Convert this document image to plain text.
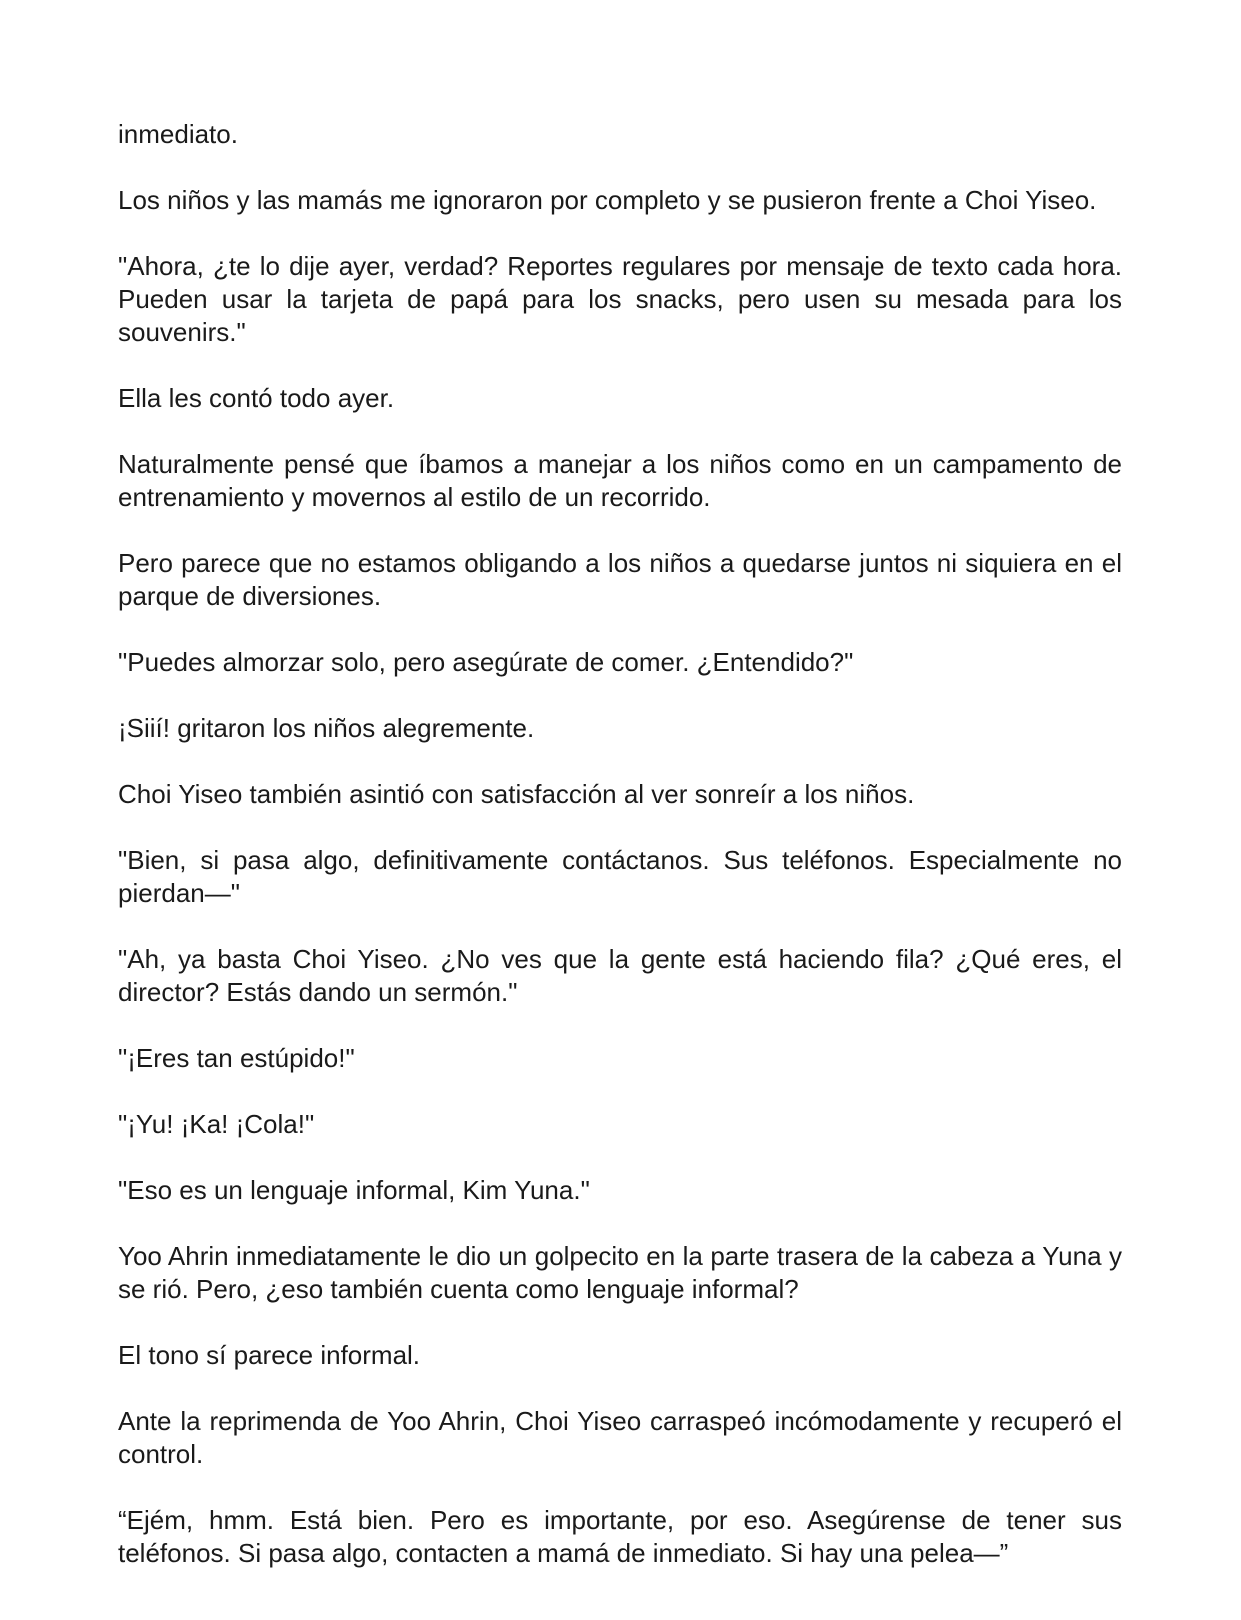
inmediato.

Los niños y las mamás me ignoraron por completo y se pusieron frente a Choi Yiseo.

"Ahora, ¿te lo dije ayer, verdad? Reportes regulares por mensaje de texto cada hora. Pueden usar la tarjeta de papá para los snacks, pero usen su mesada para los souvenirs."

Ella les contó todo ayer.

Naturalmente pensé que íbamos a manejar a los niños como en un campamento de entrenamiento y movernos al estilo de un recorrido.

Pero parece que no estamos obligando a los niños a quedarse juntos ni siquiera en el parque de diversiones.

"Puedes almorzar solo, pero asegúrate de comer. ¿Entendido?"

¡Siií! gritaron los niños alegremente.

Choi Yiseo también asintió con satisfacción al ver sonreír a los niños.

"Bien, si pasa algo, definitivamente contáctanos. Sus teléfonos. Especialmente no pierdan—"

"Ah, ya basta Choi Yiseo. ¿No ves que la gente está haciendo fila? ¿Qué eres, el director? Estás dando un sermón."

"¡Eres tan estúpido!"

"¡Yu! ¡Ka! ¡Cola!"

"Eso es un lenguaje informal, Kim Yuna."

Yoo Ahrin inmediatamente le dio un golpecito en la parte trasera de la cabeza a Yuna y se rió. Pero, ¿eso también cuenta como lenguaje informal?

El tono sí parece informal.

Ante la reprimenda de Yoo Ahrin, Choi Yiseo carraspeó incómodamente y recuperó el control.

“Ejém, hmm. Está bien. Pero es importante, por eso. Asegúrense de tener sus teléfonos. Si pasa algo, contacten a mamá de inmediato. Si hay una pelea—”
